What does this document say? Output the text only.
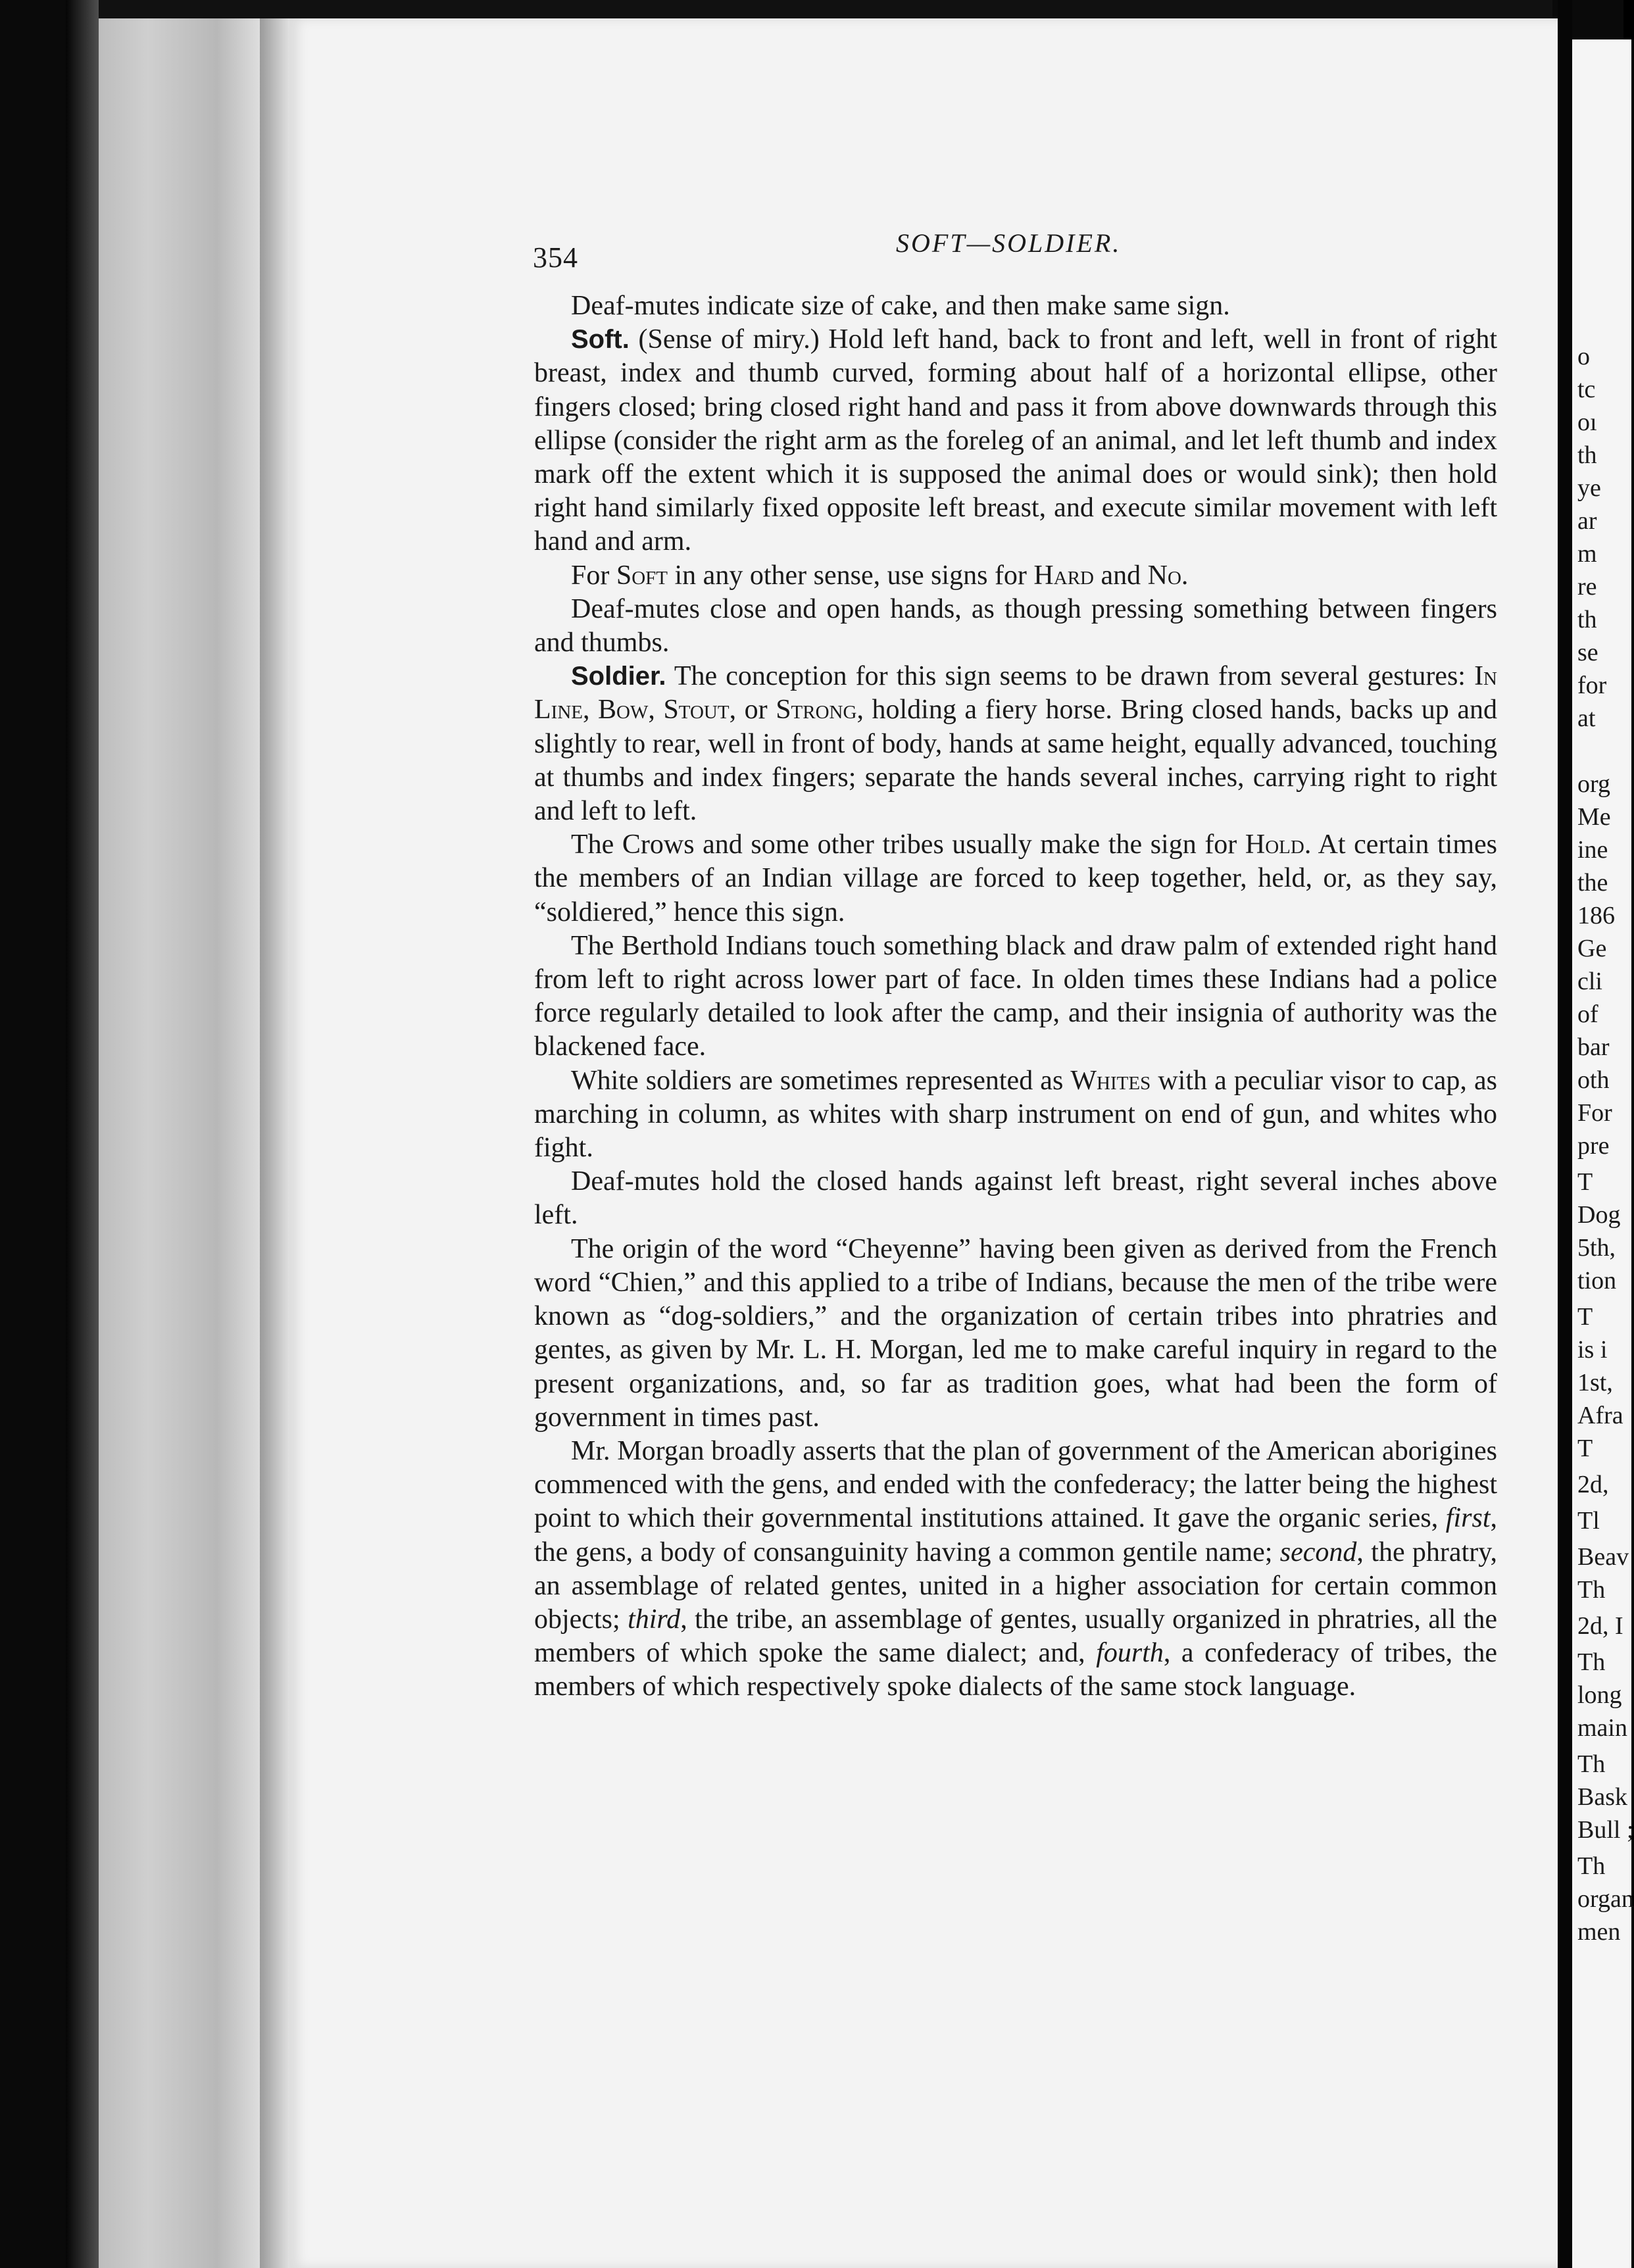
354	SOFT—SOLDIER.

Deaf-mutes indicate size of cake, and then make same sign.

Soft. (Sense of miry.) Hold left hand, back to front and left, well in front of right breast, index and thumb curved, forming about half of a horizontal ellipse, other fingers closed; bring closed right hand and pass it from above downwards through this ellipse (consider the right arm as the foreleg of an animal, and let left thumb and index mark off the extent which it is supposed the animal does or would sink); then hold right hand similarly fixed opposite left breast, and execute similar movement with left hand and arm.

For Soft in any other sense, use signs for Hard and No.

Deaf-mutes close and open hands, as though pressing something between fingers and thumbs.

Soldier. The conception for this sign seems to be drawn from several gestures: In Line, Bow, Stout, or Strong, holding a fiery horse. Bring closed hands, backs up and slightly to rear, well in front of body, hands at same height, equally advanced, touching at thumbs and index fingers; separate the hands several inches, carrying right to right and left to left.

The Crows and some other tribes usually make the sign for Hold. At certain times the members of an Indian village are forced to keep together, held, or, as they say, “soldiered,” hence this sign.

The Berthold Indians touch something black and draw palm of extended right hand from left to right across lower part of face. In olden times these Indians had a police force regularly detailed to look after the camp, and their insignia of authority was the blackened face.

White soldiers are sometimes represented as Whites with a peculiar visor to cap, as marching in column, as whites with sharp instrument on end of gun, and whites who fight.

Deaf-mutes hold the closed hands against left breast, right several inches above left.

The origin of the word “Cheyenne” having been given as derived from the French word “Chien,” and this applied to a tribe of Indians, because the men of the tribe were known as “dog-soldiers,” and the organization of certain tribes into phratries and gentes, as given by Mr. L. H. Morgan, led me to make careful inquiry in regard to the present organizations, and, so far as tradition goes, what had been the form of government in times past.

Mr. Morgan broadly asserts that the plan of government of the American aborigines commenced with the gens, and ended with the confederacy; the latter being the highest point to which their governmental institutions attained. It gave the organic series, first, the gens, a body of consanguinity having a common gentile name; second, the phratry, an assemblage of related gentes, united in a higher association for certain common objects; third, the tribe, an assemblage of gentes, usually organized in phratries, all the members of which spoke the same dialect; and, fourth, a confederacy of tribes, the members of which respectively spoke dialects of the same stock language.

o
tc
oı
th
ye
ar
m
re
th
se
for
at
org
Me
ine
the
186
Ge
cli
of
bar
oth
For
pre
T
Dog
5th,
tion
T
is i
1st,
Afra
T
2d,
Tl
Beav
Th
2d, I
Th
long
main
Th
Bask
Bull ;
Th
organ
men
